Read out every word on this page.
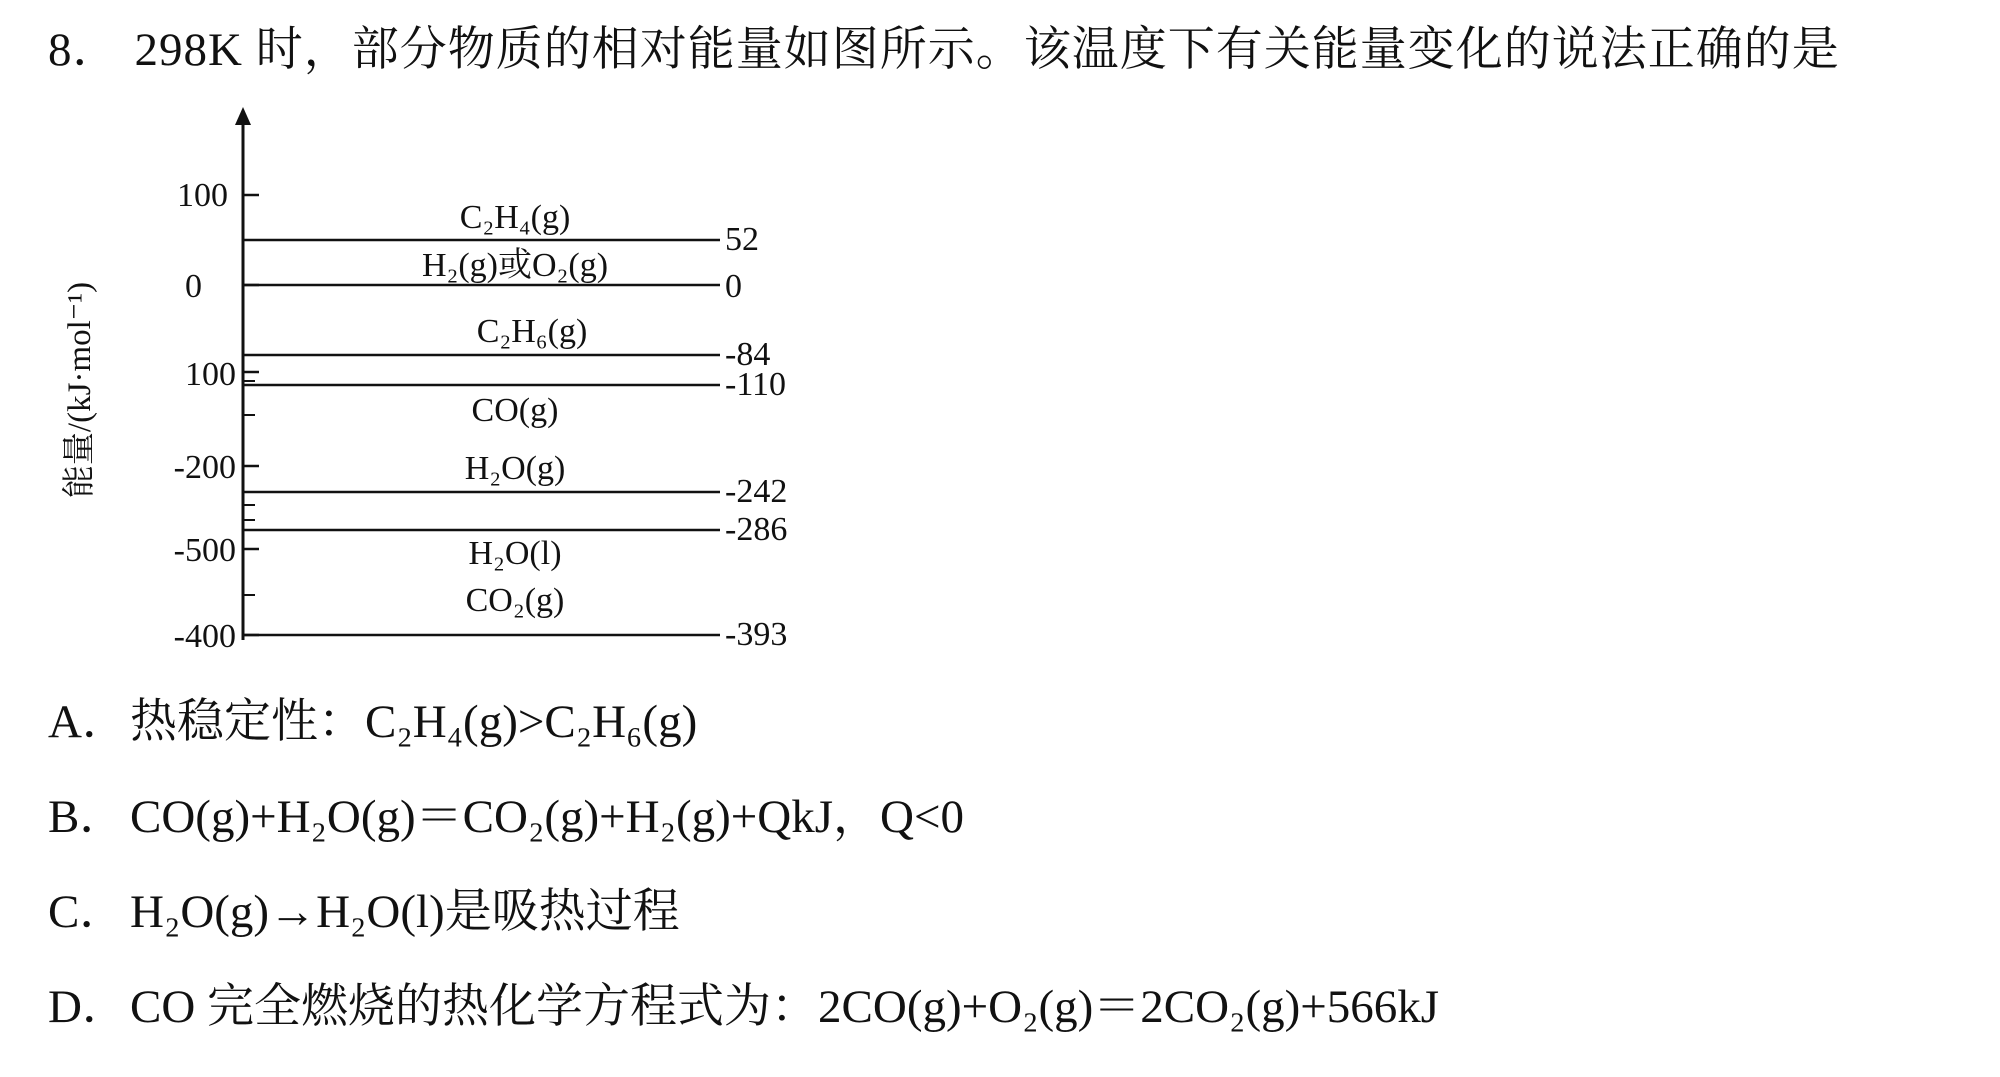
8． 298K 时，部分物质的相对能量如图所示。该温度下有关能量变化的说法正确的是
能量/(kJ·mol⁻¹)
100
0
100
-200
-500
-400
C₂H₄(g)
52
H₂(g)或O₂(g)
0
C₂H₆(g)
-84
CO(g)
-110
H₂O(g)
-242
H₂O(l)
-286
CO₂(g)
-393
A．热稳定性：C₂H₄(g)>C₂H₆(g)
B．CO(g)+H₂O(g)＝CO₂(g)+H₂(g)+QkJ，Q<0
C．H₂O(g)→H₂O(l)是吸热过程
D．CO 完全燃烧的热化学方程式为：2CO(g)+O₂(g)＝2CO₂(g)+566kJ
